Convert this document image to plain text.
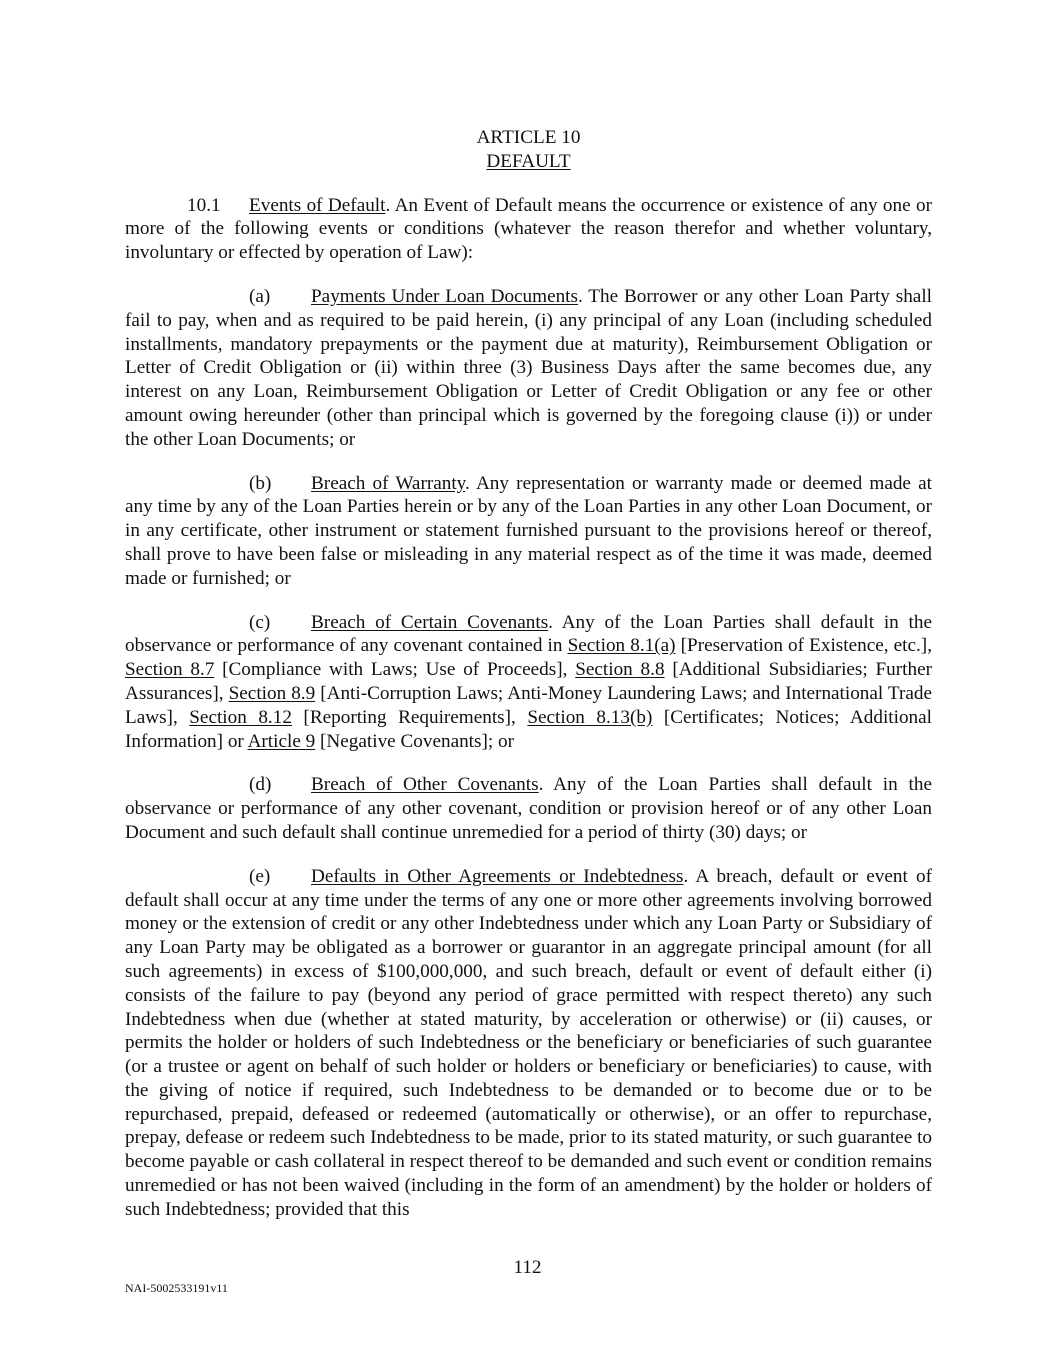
ARTICLE 10
DEFAULT

10.1 Events of Default. An Event of Default means the occurrence or existence of any one or more of the following events or conditions (whatever the reason therefor and whether voluntary, involuntary or effected by operation of Law):

(a) Payments Under Loan Documents. The Borrower or any other Loan Party shall fail to pay, when and as required to be paid herein, (i) any principal of any Loan (including scheduled installments, mandatory prepayments or the payment due at maturity), Reimbursement Obligation or Letter of Credit Obligation or (ii) within three (3) Business Days after the same becomes due, any interest on any Loan, Reimbursement Obligation or Letter of Credit Obligation or any fee or other amount owing hereunder (other than principal which is governed by the foregoing clause (i)) or under the other Loan Documents; or

(b) Breach of Warranty. Any representation or warranty made or deemed made at any time by any of the Loan Parties herein or by any of the Loan Parties in any other Loan Document, or in any certificate, other instrument or statement furnished pursuant to the provisions hereof or thereof, shall prove to have been false or misleading in any material respect as of the time it was made, deemed made or furnished; or

(c) Breach of Certain Covenants. Any of the Loan Parties shall default in the observance or performance of any covenant contained in Section 8.1(a) [Preservation of Existence, etc.], Section 8.7 [Compliance with Laws; Use of Proceeds], Section 8.8 [Additional Subsidiaries; Further Assurances], Section 8.9 [Anti-Corruption Laws; Anti-Money Laundering Laws; and International Trade Laws], Section 8.12 [Reporting Requirements], Section 8.13(b) [Certificates; Notices; Additional Information] or Article 9 [Negative Covenants]; or

(d) Breach of Other Covenants. Any of the Loan Parties shall default in the observance or performance of any other covenant, condition or provision hereof or of any other Loan Document and such default shall continue unremedied for a period of thirty (30) days; or

(e) Defaults in Other Agreements or Indebtedness. A breach, default or event of default shall occur at any time under the terms of any one or more other agreements involving borrowed money or the extension of credit or any other Indebtedness under which any Loan Party or Subsidiary of any Loan Party may be obligated as a borrower or guarantor in an aggregate principal amount (for all such agreements) in excess of $100,000,000, and such breach, default or event of default either (i) consists of the failure to pay (beyond any period of grace permitted with respect thereto) any such Indebtedness when due (whether at stated maturity, by acceleration or otherwise) or (ii) causes, or permits the holder or holders of such Indebtedness or the beneficiary or beneficiaries of such guarantee (or a trustee or agent on behalf of such holder or holders or beneficiary or beneficiaries) to cause, with the giving of notice if required, such Indebtedness to be demanded or to become due or to be repurchased, prepaid, defeased or redeemed (automatically or otherwise), or an offer to repurchase, prepay, defease or redeem such Indebtedness to be made, prior to its stated maturity, or such guarantee to become payable or cash collateral in respect thereof to be demanded and such event or condition remains unremedied or has not been waived (including in the form of an amendment) by the holder or holders of such Indebtedness; provided that this

112
NAI-5002533191v11
